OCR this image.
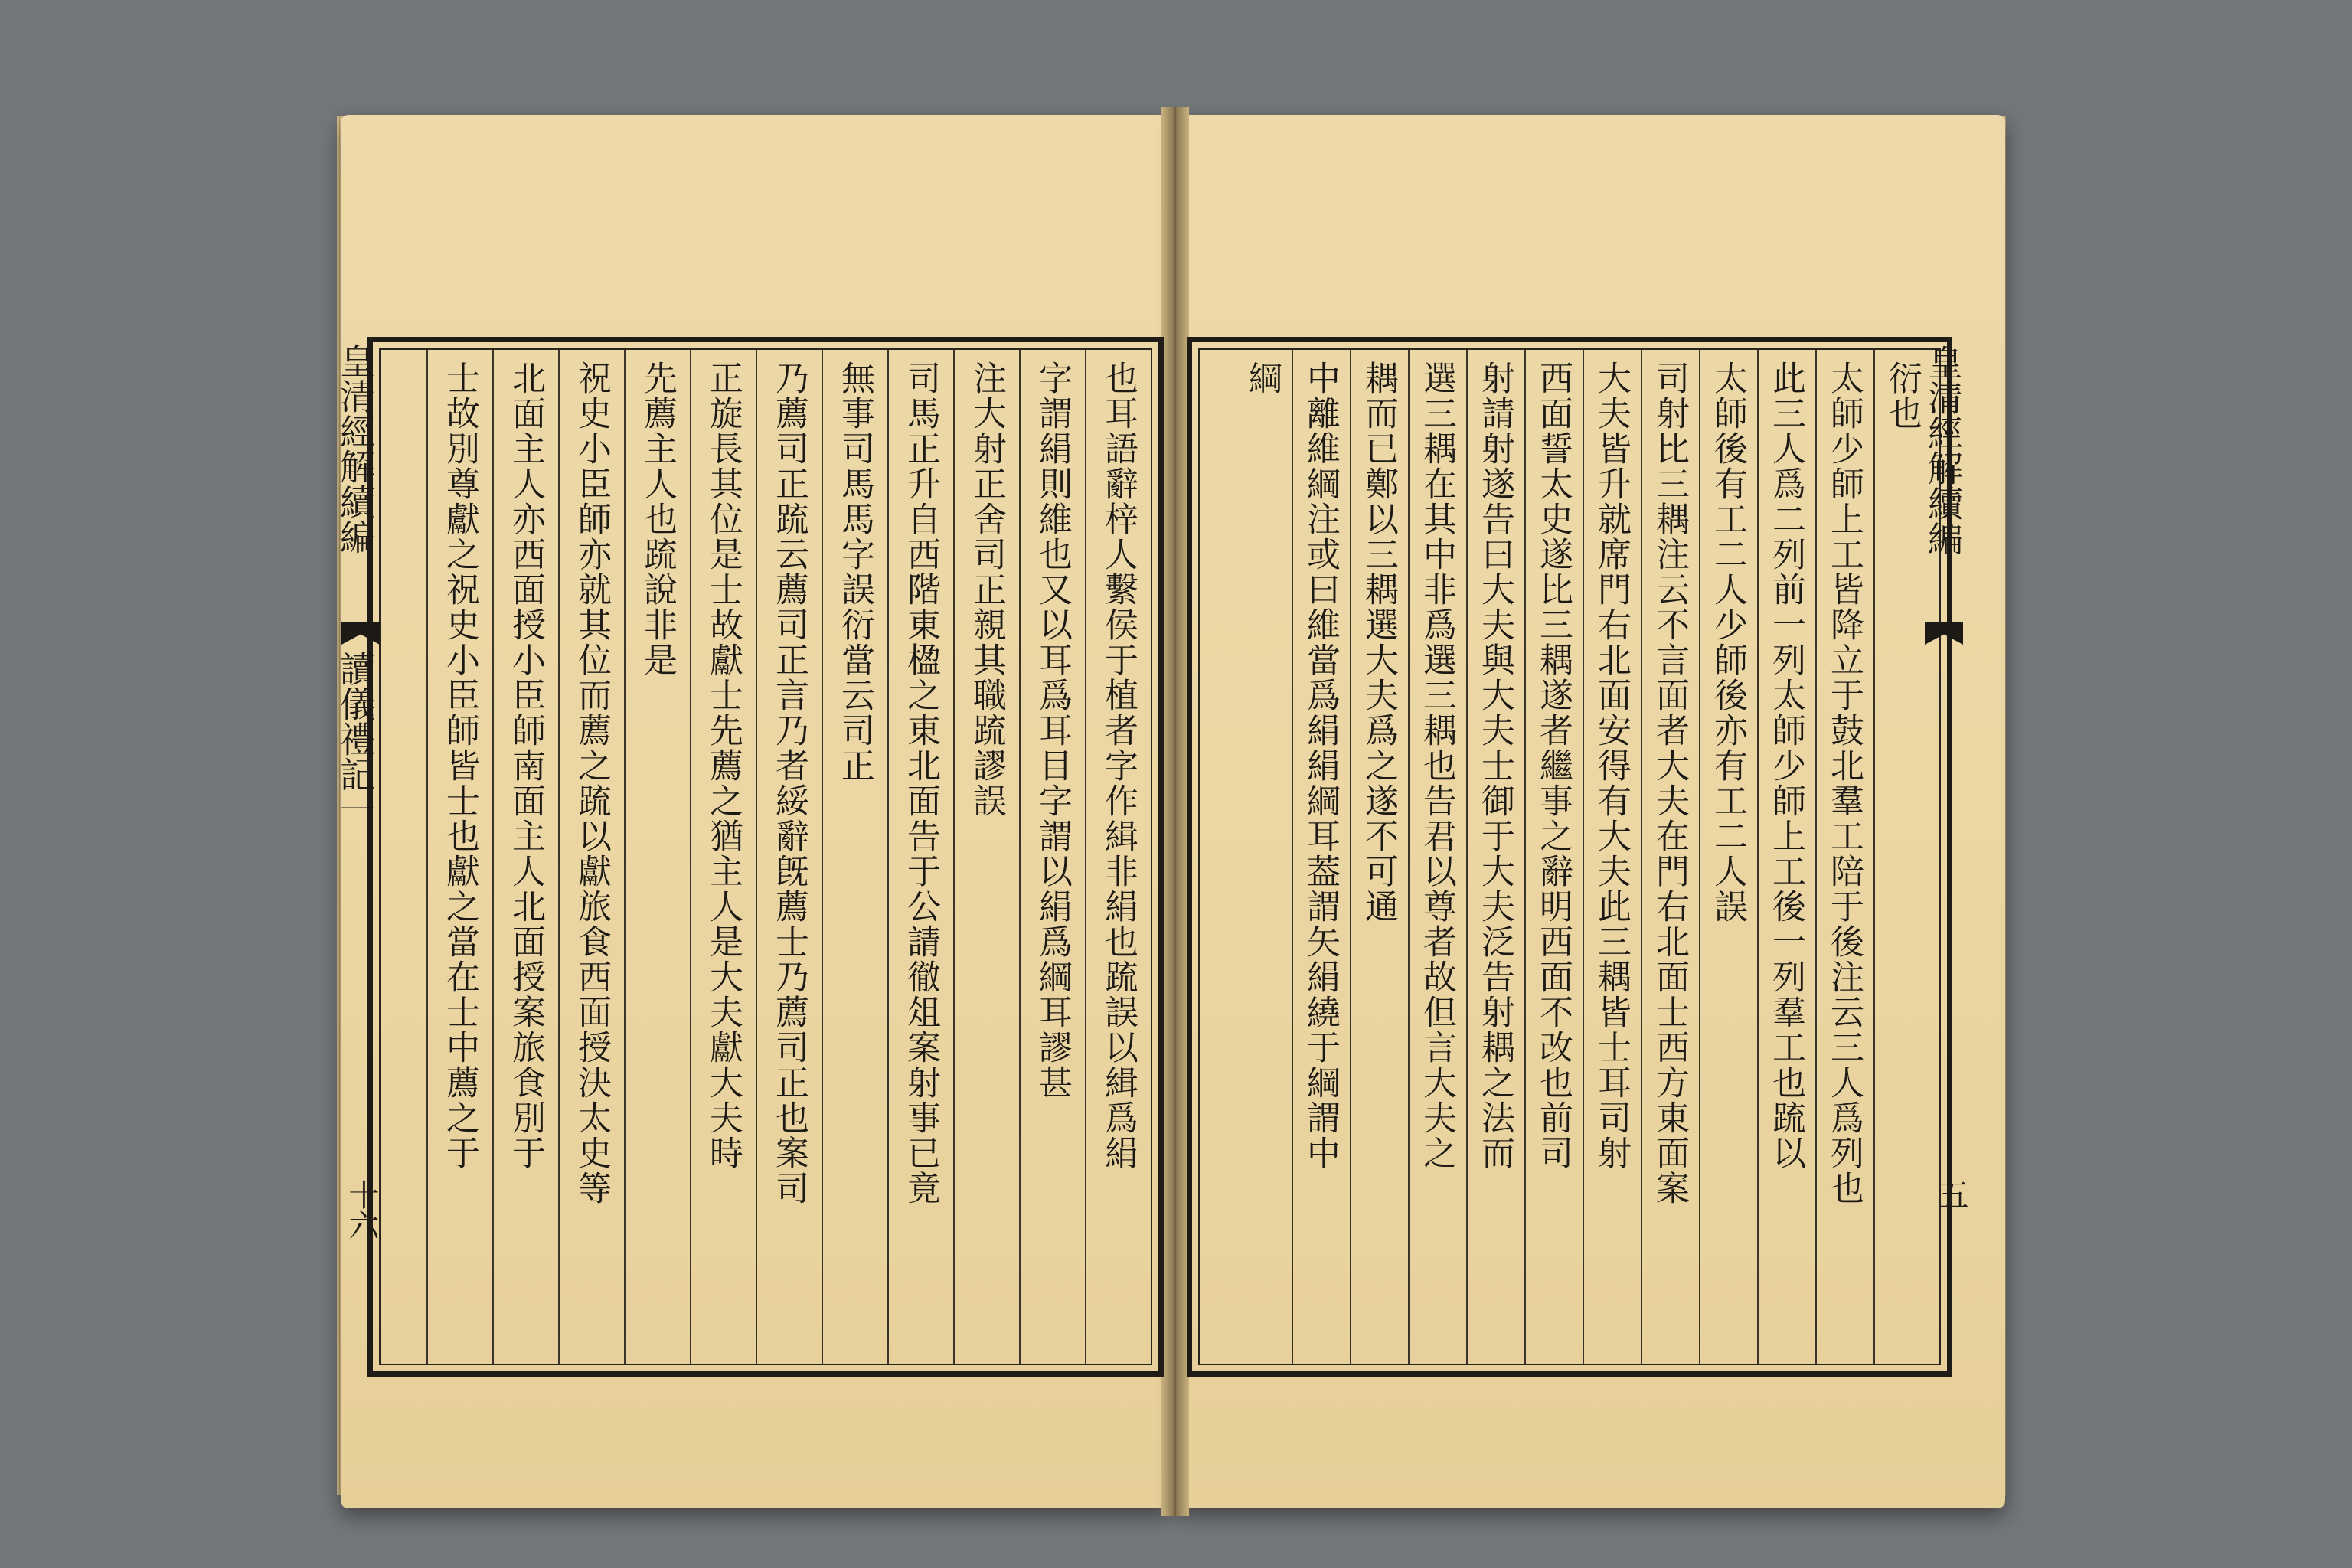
也耳語辭梓人繫侯于植者字作緝非絹也䟽誤以緝爲絹
字謂絹則維也又以耳爲耳目字謂以絹爲綱耳謬甚
注大射正舍司正親其職䟽謬誤
司馬正升自西階東楹之東北面告于公請徹俎案射事已竟
無事司馬馬字誤衍當云司正
乃薦司正䟽云薦司正言乃者綏辭旣薦士乃薦司正也案司
正旋長其位是士故獻士先薦之猶主人是大夫獻大夫時
先薦主人也䟽說非是
祝史小臣師亦就其位而薦之䟽以獻旅食西面授決太史等
北面主人亦西面授小臣師南面主人北面授案旅食別于
士故別尊獻之祝史小臣師皆士也獻之當在士中薦之于
皇清經解續編
讀儀禮記一
十六
衍也
太師少師上工皆降立于鼓北羣工陪于後注云三人爲列也
此三人爲二列前一列太師少師上工後一列羣工也䟽以
太師後有工二人少師後亦有工二人誤
司射比三耦注云不言面者大夫在門右北面士西方東面案
大夫皆升就席門右北面安得有大夫此三耦皆士耳司射
西面誓太史遂比三耦遂者繼事之辭明西面不改也前司
射請射遂告曰大夫與大夫士御于大夫泛告射耦之法而
選三耦在其中非爲選三耦也告君以尊者故但言大夫之
耦而已鄭以三耦選大夫爲之遂不可通
中離維綱注或曰維當爲絹絹綱耳葢謂矢絹繞于綱謂中
綱	皇清經解續編
五
